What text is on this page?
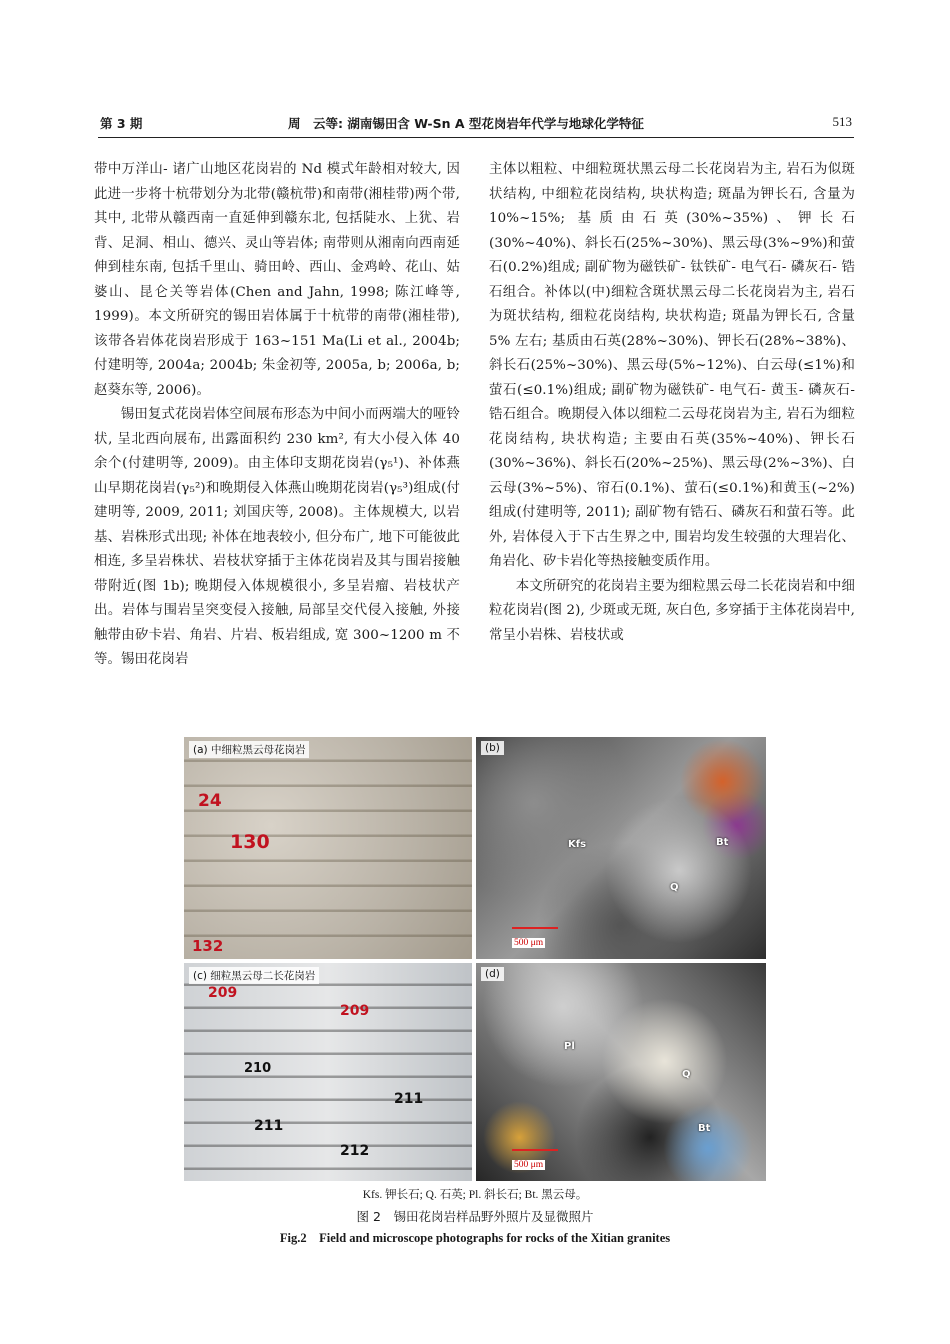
第 3 期	周　云等: 湖南锡田含 W-Sn A 型花岗岩年代学与地球化学特征	513

带中万洋山- 诸广山地区花岗岩的 Nd 模式年龄相对较大, 因此进一步将十杭带划分为北带(赣杭带)和南带(湘桂带)两个带, 其中, 北带从赣西南一直延伸到赣东北, 包括陡水、上犹、岩背、足洞、相山、德兴、灵山等岩体; 南带则从湘南向西南延伸到桂东南, 包括千里山、骑田岭、西山、金鸡岭、花山、姑婆山、昆仑关等岩体(Chen and Jahn, 1998; 陈江峰等, 1999)。本文所研究的锡田岩体属于十杭带的南带(湘桂带), 该带各岩体花岗岩形成于 163~151 Ma(Li et al., 2004b; 付建明等, 2004a; 2004b; 朱金初等, 2005a, b; 2006a, b; 赵葵东等, 2006)。

锡田复式花岗岩体空间展布形态为中间小而两端大的哑铃状, 呈北西向展布, 出露面积约 230 km², 有大小侵入体 40 余个(付建明等, 2009)。由主体印支期花岗岩(γ₅¹)、补体燕山早期花岗岩(γ₅²)和晚期侵入体燕山晚期花岗岩(γ₅³)组成(付建明等, 2009, 2011; 刘国庆等, 2008)。主体规模大, 以岩基、岩株形式出现; 补体在地表较小, 但分布广, 地下可能彼此相连, 多呈岩株状、岩枝状穿插于主体花岗岩及其与围岩接触带附近(图 1b); 晚期侵入体规模很小, 多呈岩瘤、岩枝状产出。岩体与围岩呈突变侵入接触, 局部呈交代侵入接触, 外接触带由矽卡岩、角岩、片岩、板岩组成, 宽 300~1200 m 不等。锡田花岗岩

主体以粗粒、中细粒斑状黑云母二长花岗岩为主, 岩石为似斑状结构, 中细粒花岗结构, 块状构造; 斑晶为钾长石, 含量为 10%~15%; 基质由石英(30%~35%)、钾长石(30%~40%)、斜长石(25%~30%)、黑云母(3%~9%)和萤石(0.2%)组成; 副矿物为磁铁矿- 钛铁矿- 电气石- 磷灰石- 锆石组合。补体以(中)细粒含斑状黑云母二长花岗岩为主, 岩石为斑状结构, 细粒花岗结构, 块状构造; 斑晶为钾长石, 含量 5% 左右; 基质由石英(28%~30%)、钾长石(28%~38%)、斜长石(25%~30%)、黑云母(5%~12%)、白云母(≤1%)和萤石(≤0.1%)组成; 副矿物为磁铁矿- 电气石- 黄玉- 磷灰石- 锆石组合。晚期侵入体以细粒二云母花岗岩为主, 岩石为细粒花岗结构, 块状构造; 主要由石英(35%~40%)、钾长石(30%~36%)、斜长石(20%~25%)、黑云母(2%~3%)、白云母(3%~5%)、帘石(0.1%)、萤石(≤0.1%)和黄玉(~2%)组成(付建明等, 2011); 副矿物有锆石、磷灰石和萤石等。此外, 岩体侵入于下古生界之中, 围岩均发生较强的大理岩化、角岩化、矽卡岩化等热接触变质作用。

本文所研究的花岗岩主要为细粒黑云母二长花岗岩和中细粒花岗岩(图 2), 少斑或无斑, 灰白色, 多穿插于主体花岗岩中, 常呈小岩株、岩枝状或

(a) 中细粒黑云母花岗岩
24
130
132
(b)
Kfs
Q
Bt
500 μm
(c) 细粒黑云母二长花岗岩
209
209
210
211
211
212
(d)
Pl
Q
Bt
500 μm
Kfs. 钾长石; Q. 石英; Pl. 斜长石; Bt. 黑云母。
图 2　锡田花岗岩样品野外照片及显微照片
Fig.2　Field and microscope photographs for rocks of the Xitian granites
